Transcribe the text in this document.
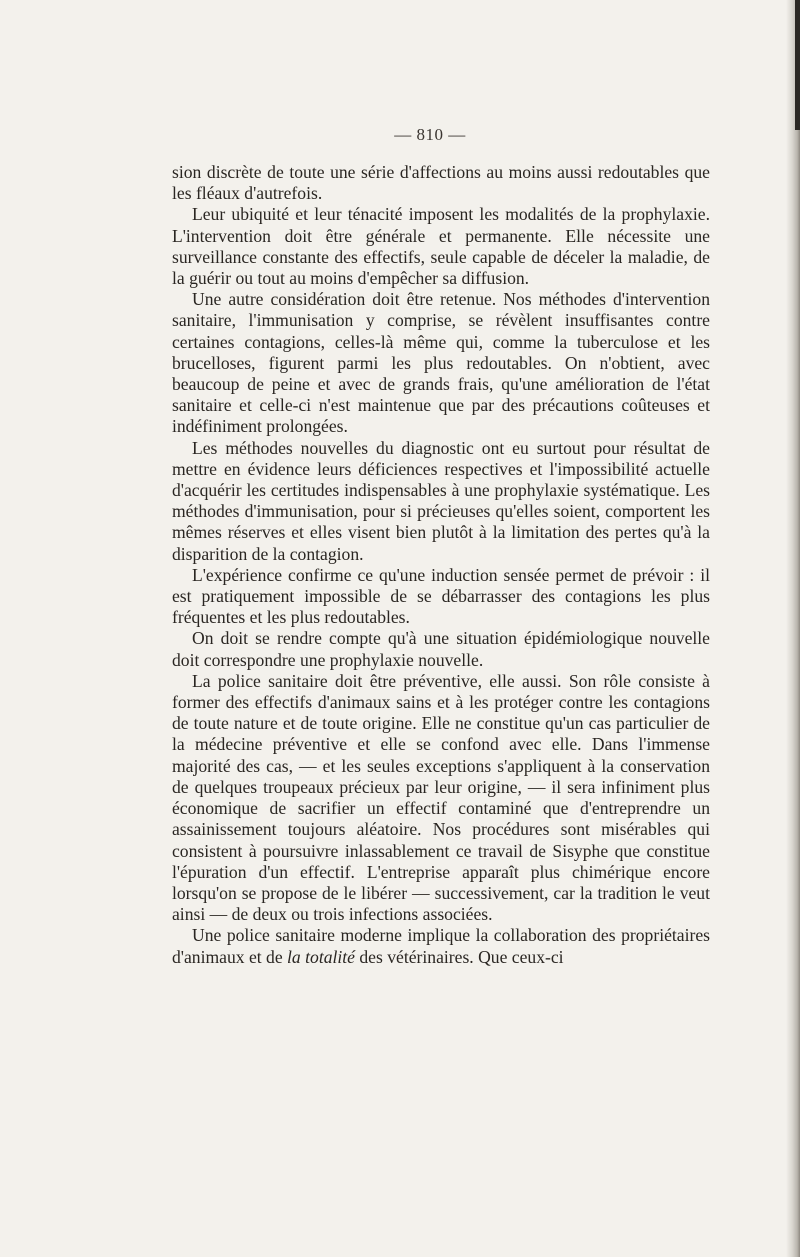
— 810 —

sion discrète de toute une série d'affections au moins aussi redoutables que les fléaux d'autrefois.

Leur ubiquité et leur ténacité imposent les modalités de la prophylaxie. L'intervention doit être générale et permanente. Elle nécessite une surveillance constante des effectifs, seule capable de déceler la maladie, de la guérir ou tout au moins d'empêcher sa diffusion.

Une autre considération doit être retenue. Nos méthodes d'intervention sanitaire, l'immunisation y comprise, se révèlent insuffisantes contre certaines contagions, celles-là même qui, comme la tuberculose et les brucelloses, figurent parmi les plus redoutables. On n'obtient, avec beaucoup de peine et avec de grands frais, qu'une amélioration de l'état sanitaire et celle-ci n'est maintenue que par des précautions coûteuses et indéfiniment prolongées.

Les méthodes nouvelles du diagnostic ont eu surtout pour résultat de mettre en évidence leurs déficiences respectives et l'impossibilité actuelle d'acquérir les certitudes indispensables à une prophylaxie systématique. Les méthodes d'immunisation, pour si précieuses qu'elles soient, comportent les mêmes réserves et elles visent bien plutôt à la limitation des pertes qu'à la disparition de la contagion.

L'expérience confirme ce qu'une induction sensée permet de prévoir : il est pratiquement impossible de se débarrasser des contagions les plus fréquentes et les plus redoutables.

On doit se rendre compte qu'à une situation épidémiologique nouvelle doit correspondre une prophylaxie nouvelle.

La police sanitaire doit être préventive, elle aussi. Son rôle consiste à former des effectifs d'animaux sains et à les protéger contre les contagions de toute nature et de toute origine. Elle ne constitue qu'un cas particulier de la médecine préventive et elle se confond avec elle. Dans l'immense majorité des cas, — et les seules exceptions s'appliquent à la conservation de quelques troupeaux précieux par leur origine, — il sera infiniment plus économique de sacrifier un effectif contaminé que d'entreprendre un assainissement toujours aléatoire. Nos procédures sont misérables qui consistent à poursuivre inlassablement ce travail de Sisyphe que constitue l'épuration d'un effectif. L'entreprise apparaît plus chimérique encore lorsqu'on se propose de le libérer — successivement, car la tradition le veut ainsi — de deux ou trois infections associées.

Une police sanitaire moderne implique la collaboration des propriétaires d'animaux et de la totalité des vétérinaires. Que ceux-ci
